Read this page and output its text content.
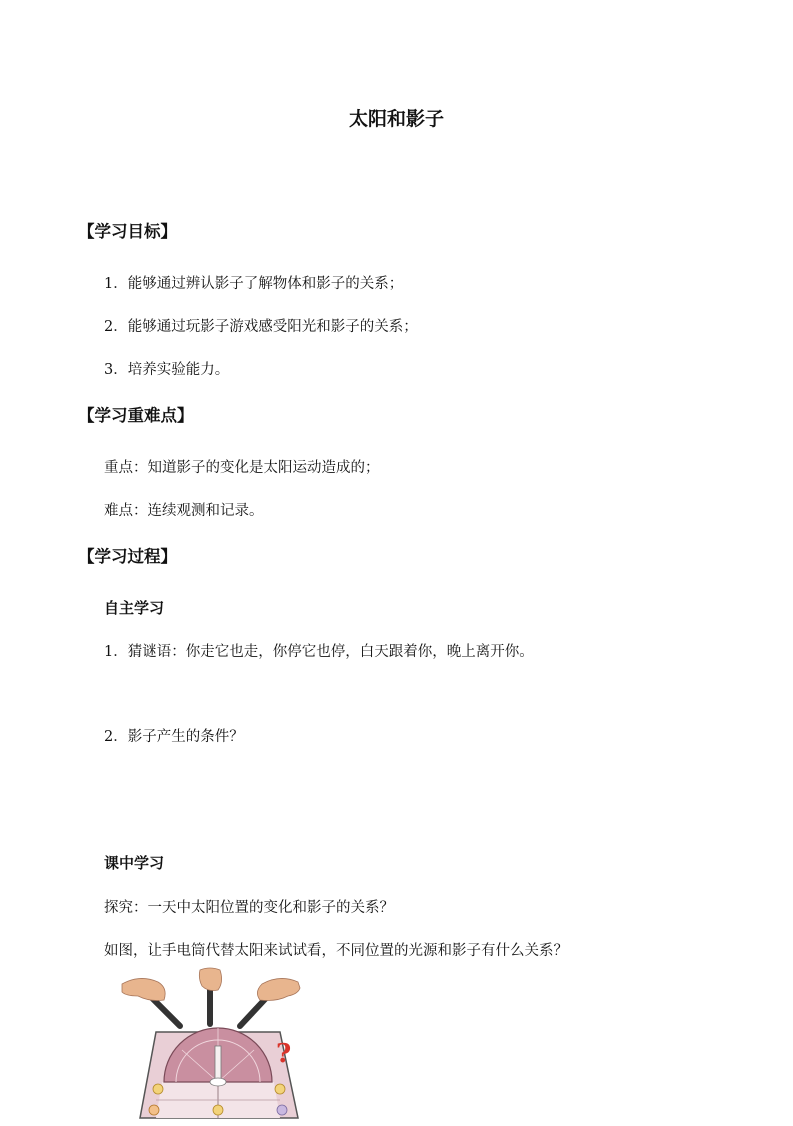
太阳和影子
【学习目标】
1．能够通过辨认影子了解物体和影子的关系；
2．能够通过玩影子游戏感受阳光和影子的关系；
3．培养实验能力。
【学习重难点】
重点：知道影子的变化是太阳运动造成的；
难点：连续观测和记录。
【学习过程】
自主学习
1．猜谜语：你走它也走，你停它也停，白天跟着你，晚上离开你。
2．影子产生的条件？
课中学习
探究：一天中太阳位置的变化和影子的关系？
如图，让手电筒代替太阳来试试看，不同位置的光源和影子有什么关系？
?
